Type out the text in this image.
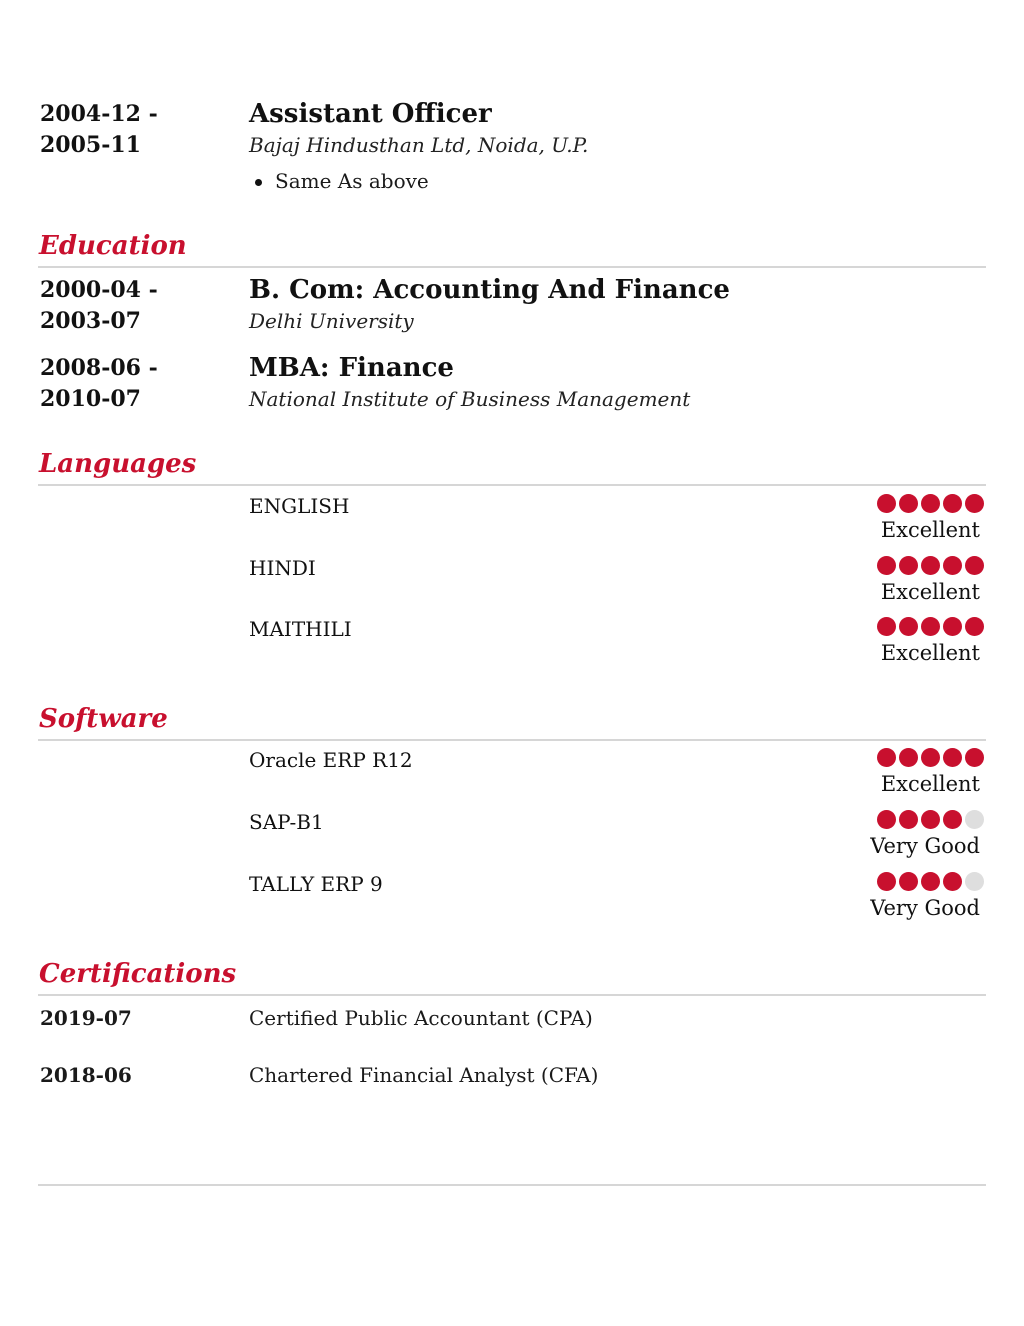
2004-12 -
2005-11
Assistant Officer
Bajaj Hindusthan Ltd, Noida, U.P.
Same As above
Education
2000-04 -
2003-07
B. Com: Accounting And Finance
Delhi University
2008-06 -
2010-07
MBA: Finance
National Institute of Business Management
Languages
ENGLISH
Excellent
HINDI
Excellent
MAITHILI
Excellent
Software
Oracle ERP R12
Excellent
SAP-B1
Very Good
TALLY ERP 9
Very Good
Certifications
2019-07	Certified Public Accountant (CPA)
2018-06	Chartered Financial Analyst (CFA)
